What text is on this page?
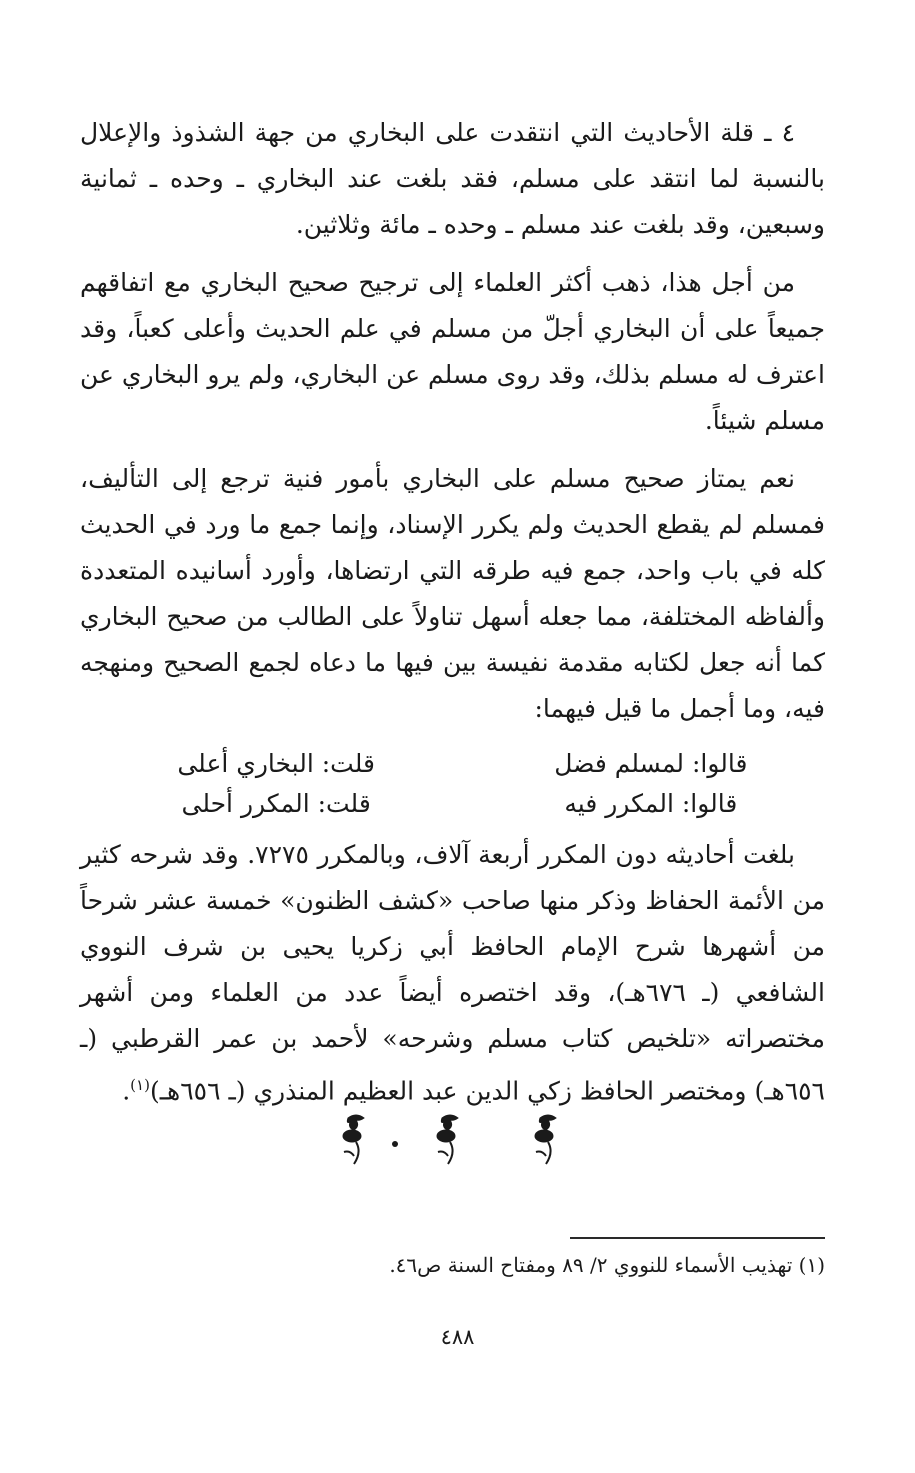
٤ ـ قلة الأحاديث التي انتقدت على البخاري من جهة الشذوذ والإعلال بالنسبة لما انتقد على مسلم، فقد بلغت عند البخاري ـ وحده ـ ثمانية وسبعين، وقد بلغت عند مسلم ـ وحده ـ مائة وثلاثين.

من أجل هذا، ذهب أكثر العلماء إلى ترجيح صحيح البخاري مع اتفاقهم جميعاً على أن البخاري أجلّ من مسلم في علم الحديث وأعلى كعباً، وقد اعترف له مسلم بذلك، وقد روى مسلم عن البخاري، ولم يرو البخاري عن مسلم شيئاً.

نعم يمتاز صحيح مسلم على البخاري بأمور فنية ترجع إلى التأليف، فمسلم لم يقطع الحديث ولم يكرر الإسناد، وإنما جمع ما ورد في الحديث كله في باب واحد، جمع فيه طرقه التي ارتضاها، وأورد أسانيده المتعددة وألفاظه المختلفة، مما جعله أسهل تناولاً على الطالب من صحيح البخاري كما أنه جعل لكتابه مقدمة نفيسة بين فيها ما دعاه لجمع الصحيح ومنهجه فيه، وما أجمل ما قيل فيهما:

قالوا: لمسلم فضل
قلت: البخاري أعلى
قالوا: المكرر فيه
قلت: المكرر أحلى

بلغت أحاديثه دون المكرر أربعة آلاف، وبالمكرر ٧٢٧٥. وقد شرحه كثير من الأئمة الحفاظ وذكر منها صاحب «كشف الظنون» خمسة عشر شرحاً من أشهرها شرح الإمام الحافظ أبي زكريا يحيى بن شرف النووي الشافعي (ـ ٦٧٦هـ)، وقد اختصره أيضاً عدد من العلماء ومن أشهر مختصراته «تلخيص كتاب مسلم وشرحه» لأحمد بن عمر القرطبي (ـ ٦٥٦هـ) ومختصر الحافظ زكي الدين عبد العظيم المنذري (ـ ٦٥٦هـ)$^{(١)}$.

(١) تهذيب الأسماء للنووي ٢/ ٨٩ ومفتاح السنة ص٤٦.
٤٨٨
